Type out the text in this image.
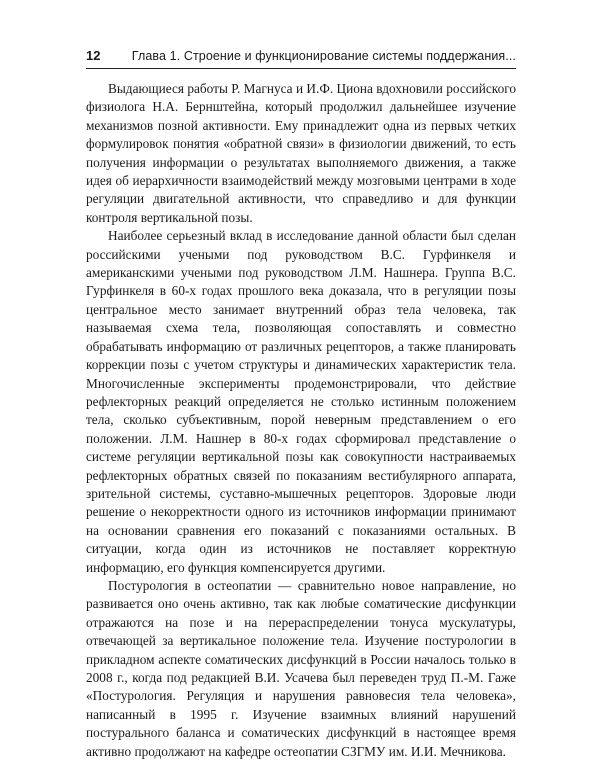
12	Глава 1. Строение и функционирование системы поддержания...

Выдающиеся работы Р. Магнуса и И.Ф. Циона вдохновили российского физиолога Н.А. Бернштейна, который продолжил дальнейшее изучение механизмов позной активности. Ему принадлежит одна из первых четких формулировок понятия «обратной связи» в физиологии движений, то есть получения информации о результатах выполняемого движения, а также идея об иерархичности взаимодействий между мозговыми центрами в ходе регуляции двигательной активности, что справедливо и для функции контроля вертикальной позы.

Наиболее серьезный вклад в исследование данной области был сделан российскими учеными под руководством В.С. Гурфинкеля и американскими учеными под руководством Л.М. Нашнера. Группа В.С. Гурфинкеля в 60-х годах прошлого века доказала, что в регуляции позы центральное место занимает внутренний образ тела человека, так называемая схема тела, позволяющая сопоставлять и совместно обрабатывать информацию от различных рецепторов, а также планировать коррекции позы с учетом структуры и динамических характеристик тела. Многочисленные эксперименты продемонстрировали, что действие рефлекторных реакций определяется не столько истинным положением тела, сколько субъективным, порой неверным представлением о его положении. Л.М. Нашнер в 80-х годах сформировал представление о системе регуляции вертикальной позы как совокупности настраиваемых рефлекторных обратных связей по показаниям вестибулярного аппарата, зрительной системы, суставно-мышечных рецепторов. Здоровые люди решение о некорректности одного из источников информации принимают на основании сравнения его показаний с показаниями остальных. В ситуации, когда один из источников не поставляет корректную информацию, его функция компенсируется другими.

Постурология в остеопатии — сравнительно новое направление, но развивается оно очень активно, так как любые соматические дисфункции отражаются на позе и на перераспределении тонуса мускулатуры, отвечающей за вертикальное положение тела. Изучение постурологии в прикладном аспекте соматических дисфункций в России началось только в 2008 г., когда под редакцией В.И. Усачева был переведен труд П.-М. Гаже «Постурология. Регуляция и нарушения равновесия тела человека», написанный в 1995 г. Изучение взаимных влияний нарушений постурального баланса и соматических дисфункций в настоящее время активно продолжают на кафедре остеопатии СЗГМУ им. И.И. Мечникова.
